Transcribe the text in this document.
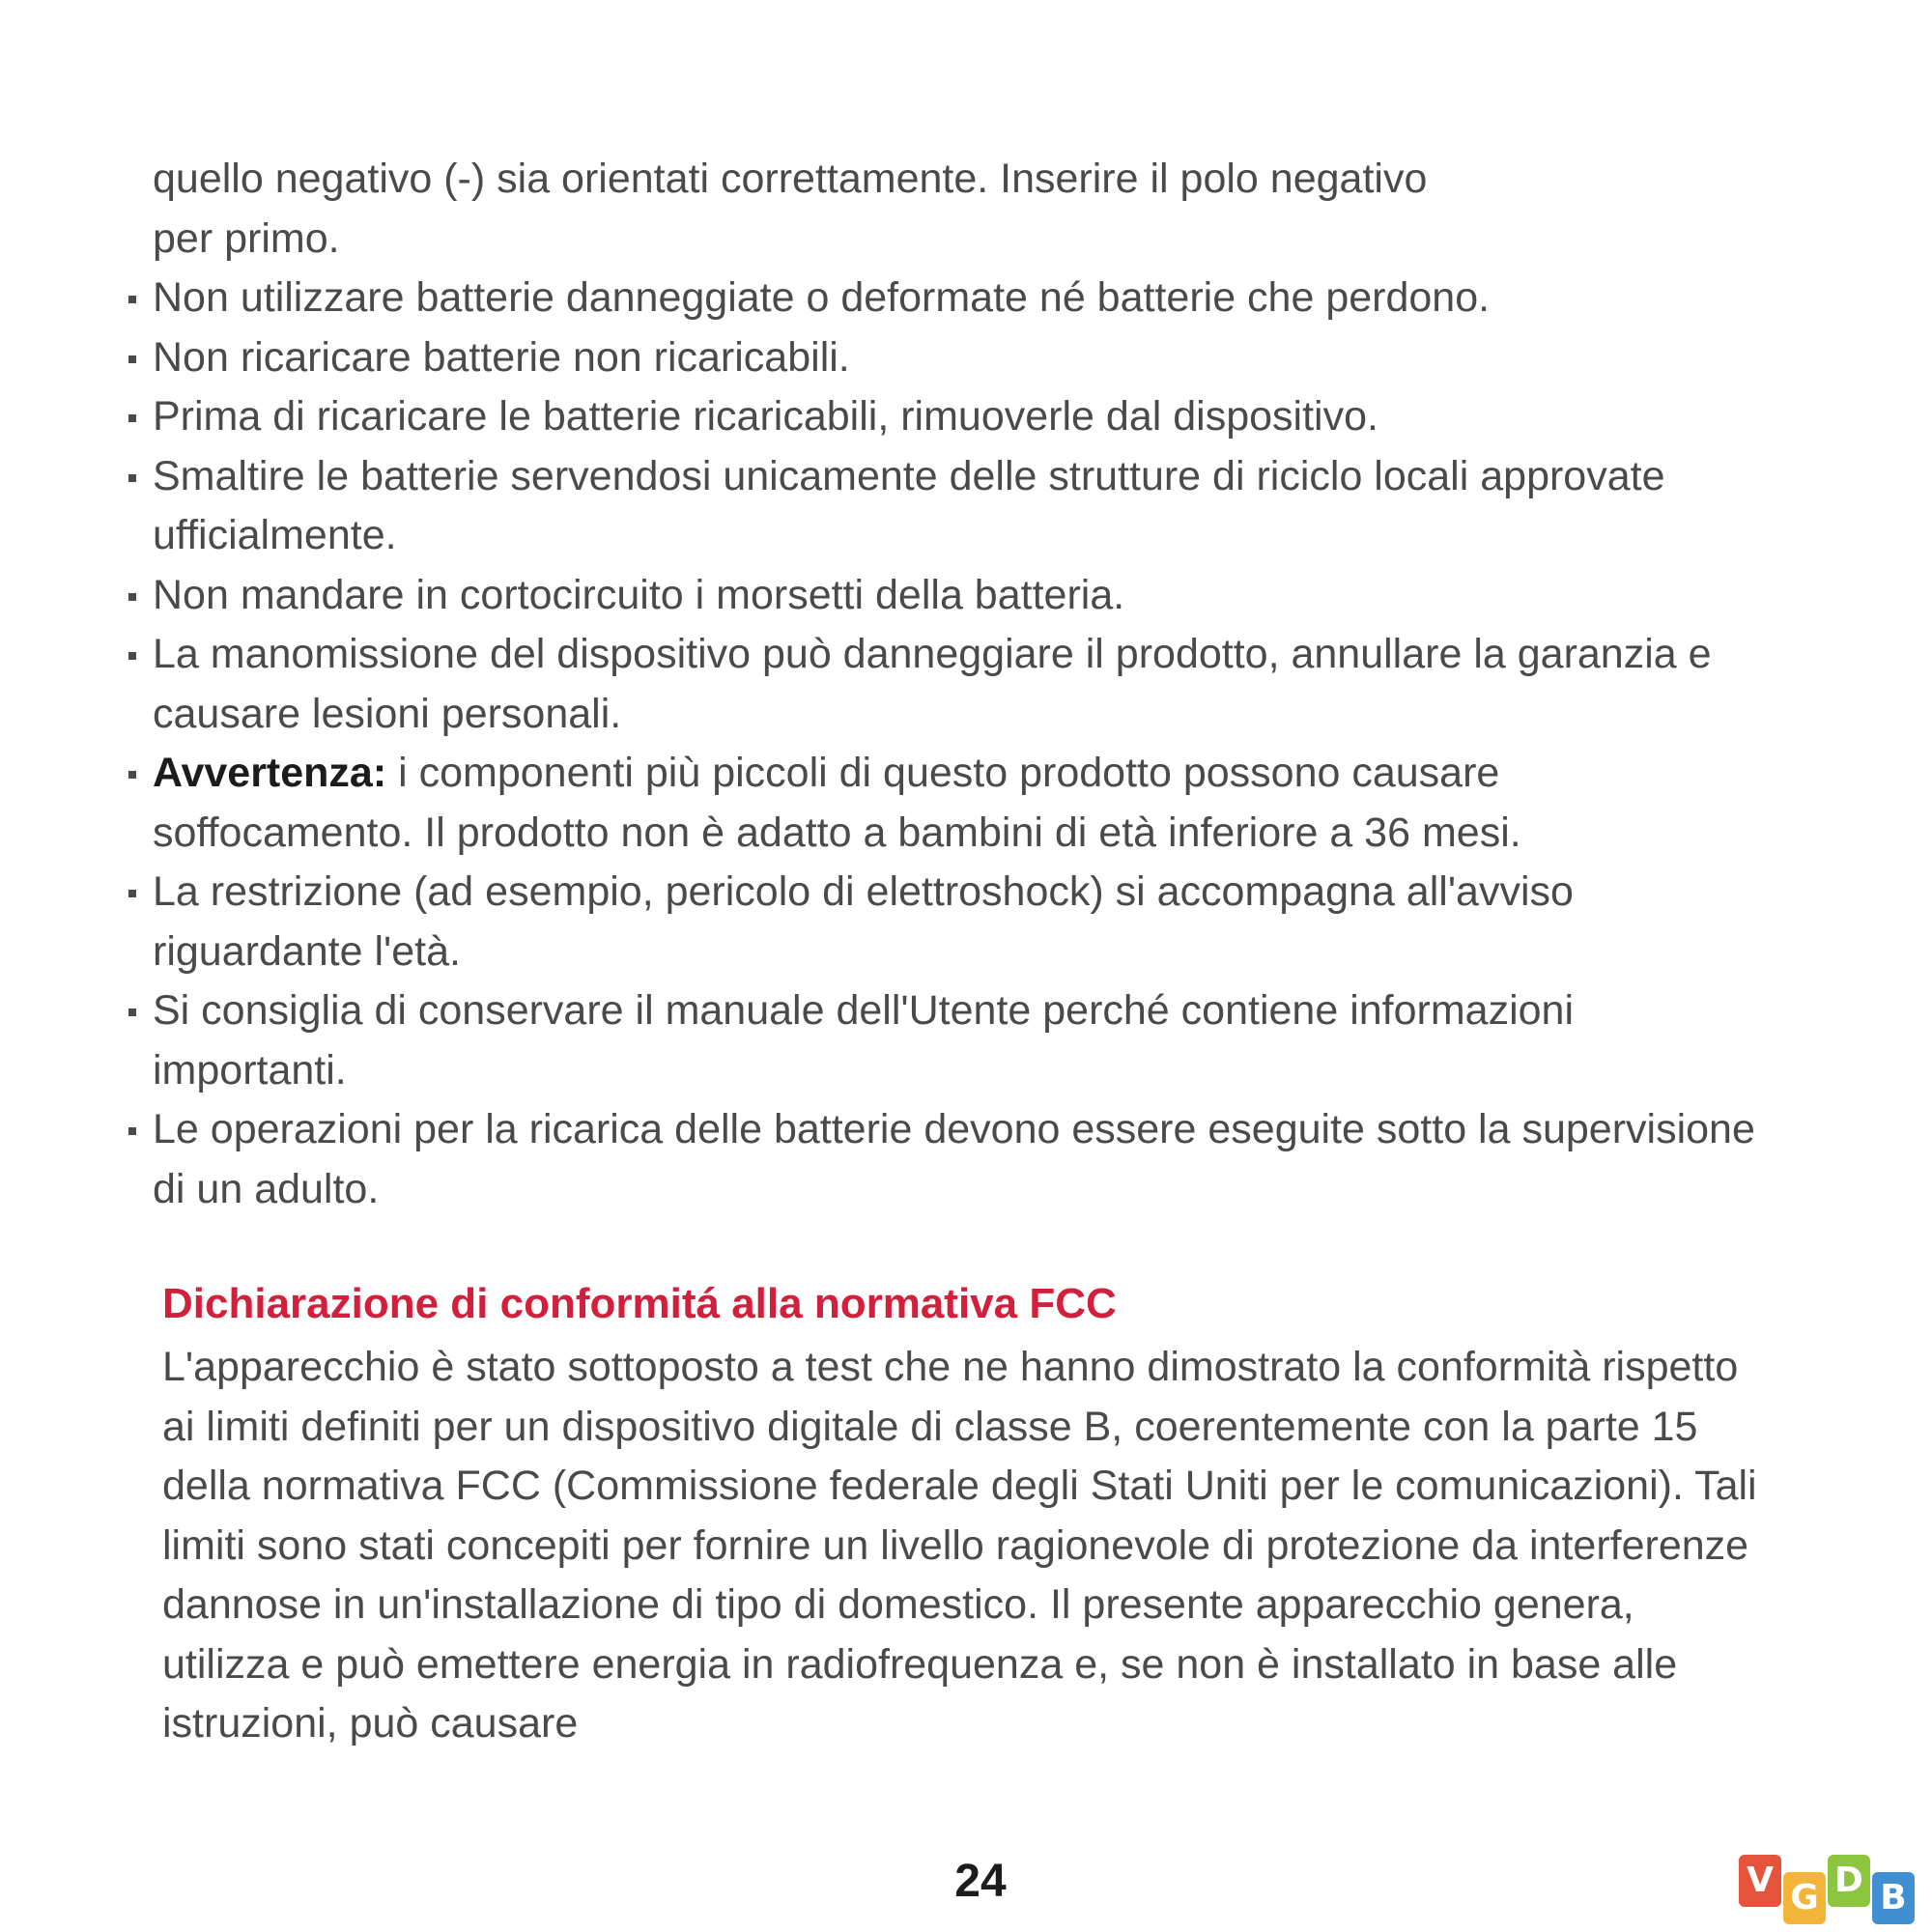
quello negativo (-) sia orientati correttamente. Inserire il polo negativo
per primo.
Non utilizzare batterie danneggiate o deformate né batterie che perdono.
Non ricaricare batterie non ricaricabili.
Prima di ricaricare le batterie ricaricabili, rimuoverle dal dispositivo.
Smaltire le batterie servendosi unicamente delle strutture di riciclo locali approvate ufficialmente.
Non mandare in cortocircuito i morsetti della batteria.
La manomissione del dispositivo può danneggiare il prodotto, annullare la garanzia e causare lesioni personali.
Avvertenza: i componenti più piccoli di questo prodotto possono causare soffocamento. Il prodotto non è adatto a bambini di età inferiore a 36 mesi.
La restrizione (ad esempio, pericolo di elettroshock) si accompagna all'avviso riguardante l'età.
Si consiglia di conservare il manuale dell'Utente perché contiene informazioni importanti.
Le operazioni per la ricarica delle batterie devono essere eseguite sotto la supervisione di un adulto.
Dichiarazione di conformitá alla normativa FCC
L'apparecchio è stato sottoposto a test che ne hanno dimostrato la conformità rispetto ai limiti definiti per un dispositivo digitale di classe B, coerentemente con la parte 15 della normativa FCC (Commissione federale degli Stati Uniti per le comunicazioni). Tali limiti sono stati concepiti per fornire un livello ragionevole di protezione da interferenze dannose in un'installazione di tipo di domestico. Il presente apparecchio genera, utilizza e può emettere energia in radiofrequenza e, se non è installato in base alle istruzioni, può causare
24	V G D B
